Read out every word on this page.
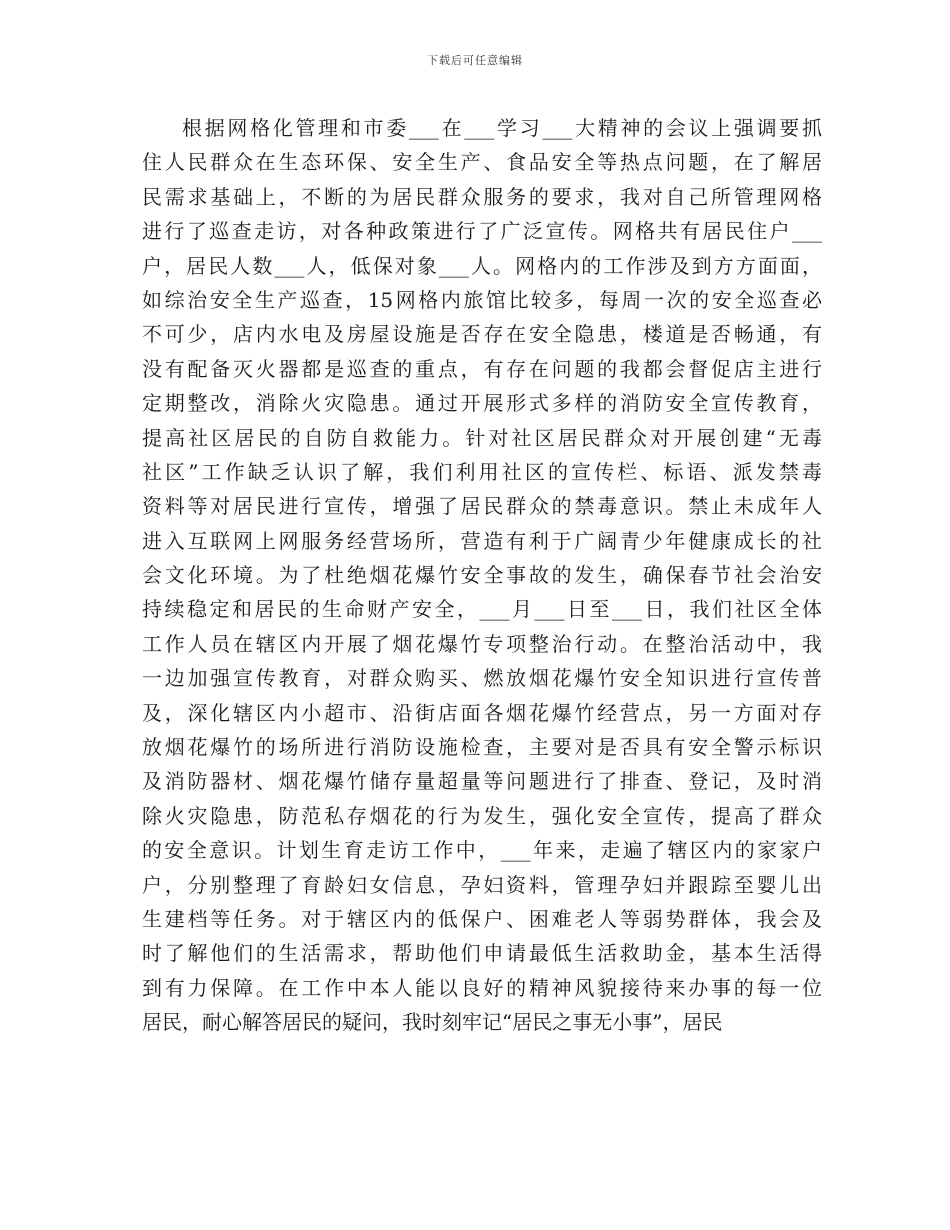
下载后可任意编辑
根据网格化管理和市委___在___学习___大精神的会议上强调要抓
住人民群众在生态环保、安全生产、食品安全等热点问题，在了解居
民需求基础上，不断的为居民群众服务的要求，我对自己所管理网格
进行了巡查走访，对各种政策进行了广泛宣传。网格共有居民住户___
户，居民人数___人，低保对象___人。网格内的工作涉及到方方面面，
如综治安全生产巡查，15网格内旅馆比较多，每周一次的安全巡查必
不可少，店内水电及房屋设施是否存在安全隐患，楼道是否畅通，有
没有配备灭火器都是巡查的重点，有存在问题的我都会督促店主进行
定期整改，消除火灾隐患。通过开展形式多样的消防安全宣传教育，
提高社区居民的自防自救能力。针对社区居民群众对开展创建“无毒
社区”工作缺乏认识了解，我们利用社区的宣传栏、标语、派发禁毒
资料等对居民进行宣传，增强了居民群众的禁毒意识。禁止未成年人
进入互联网上网服务经营场所，营造有利于广阔青少年健康成长的社
会文化环境。为了杜绝烟花爆竹安全事故的发生，确保春节社会治安
持续稳定和居民的生命财产安全，___月___日至___日，我们社区全体
工作人员在辖区内开展了烟花爆竹专项整治行动。在整治活动中，我
一边加强宣传教育，对群众购买、燃放烟花爆竹安全知识进行宣传普
及，深化辖区内小超市、沿街店面各烟花爆竹经营点，另一方面对存
放烟花爆竹的场所进行消防设施检查，主要对是否具有安全警示标识
及消防器材、烟花爆竹储存量超量等问题进行了排查、登记，及时消
除火灾隐患，防范私存烟花的行为发生，强化安全宣传，提高了群众
的安全意识。计划生育走访工作中，___年来，走遍了辖区内的家家户
户，分别整理了育龄妇女信息，孕妇资料，管理孕妇并跟踪至婴儿出
生建档等任务。对于辖区内的低保户、困难老人等弱势群体，我会及
时了解他们的生活需求，帮助他们申请最低生活救助金，基本生活得
到有力保障。在工作中本人能以良好的精神风貌接待来办事的每一位
居民，耐心解答居民的疑问，我时刻牢记“居民之事无小事”，居民
